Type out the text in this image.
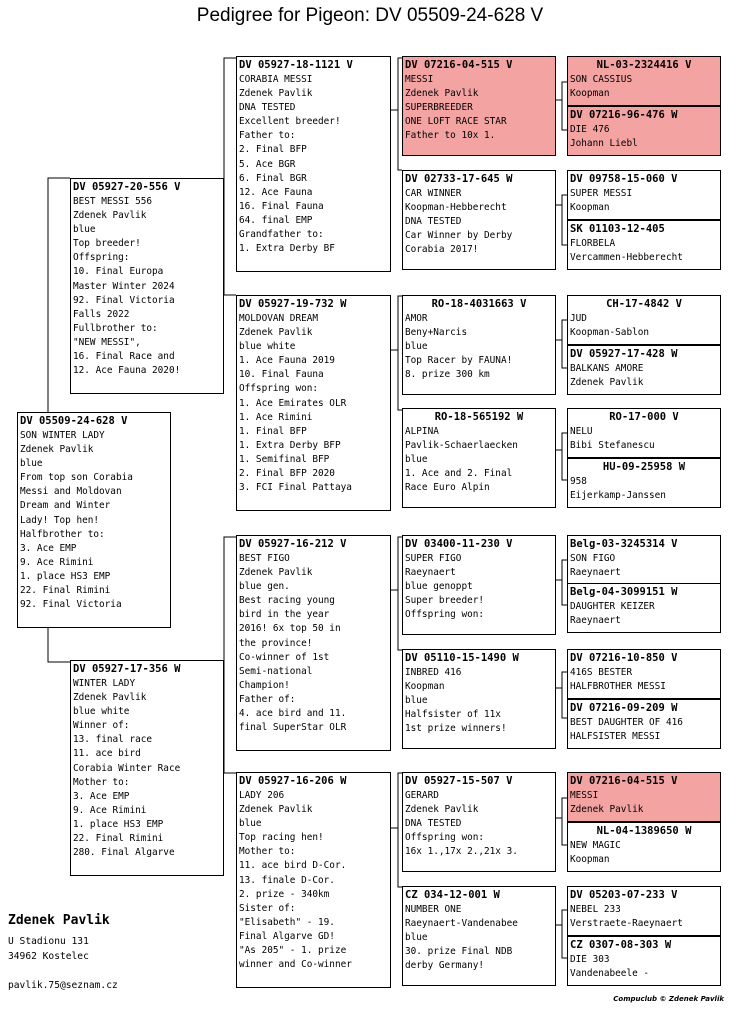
Pedigree for Pigeon: DV 05509-24-628 V
DV 05509-24-628 V
SON WINTER LADY
Zdenek Pavlik
blue
From top son Corabia
Messi and Moldovan
Dream and Winter
Lady! Top hen!
Halfbrother to:
3. Ace EMP
9. Ace Rimini
1. place HS3 EMP
22. Final Rimini
92. Final Victoria
DV 05927-20-556 V
BEST MESSI 556
Zdenek Pavlik
blue
Top breeder!
Offspring:
10. Final Europa
Master Winter 2024
92. Final Victoria
Falls 2022
Fullbrother to:
"NEW MESSI",
16. Final Race and
12. Ace Fauna 2020!
DV 05927-17-356 W
WINTER LADY
Zdenek Pavlik
blue white
Winner of:
13. final race
11. ace bird
Corabia Winter Race
Mother to:
3. Ace EMP
9. Ace Rimini
1. place HS3 EMP
22. Final Rimini
280. Final Algarve
DV 05927-18-1121 V
CORABIA MESSI
Zdenek Pavlik
DNA TESTED
Excellent breeder!
Father to:
2. Final BFP
5. Ace BGR
6. Final BGR
12. Ace Fauna
16. Final Fauna
64. final EMP
Grandfather to:
1. Extra Derby BF
DV 05927-19-732 W
MOLDOVAN DREAM
Zdenek Pavlik
blue white
1. Ace Fauna 2019
10. Final Fauna
Offspring won:
1. Ace Emirates OLR
1. Ace Rimini
1. Final BFP
1. Extra Derby BFP
1. Semifinal BFP
2. Final BFP 2020
3. FCI Final Pattaya
DV 05927-16-212 V
BEST FIGO
Zdenek Pavlik
blue gen.
Best racing young
bird in the year
2016! 6x top 50 in
the province!
Co-winner of 1st
Semi-national
Champion!
Father of:
4. ace bird and 11.
final SuperStar OLR
DV 05927-16-206 W
LADY 206
Zdenek Pavlik
blue
Top racing hen!
Mother to:
11. ace bird D-Cor.
13. finale D-Cor.
2. prize - 340km
Sister of:
"Elisabeth" - 19.
Final Algarve GD!
"As 205" - 1. prize
winner and Co-winner
DV 07216-04-515 V
MESSI
Zdenek Pavlik
SUPERBREEDER
ONE LOFT RACE STAR
Father to 10x 1.
DV 02733-17-645 W
CAR WINNER
Koopman-Hebberecht
DNA TESTED
Car Winner by Derby
Corabia 2017!
RO-18-4031663 V
AMOR
Beny+Narcis
blue
Top Racer by FAUNA!
8. prize 300 km
RO-18-565192 W
ALPINA
Pavlik-Schaerlaecken
blue
1. Ace and 2. Final
Race Euro Alpin
DV 03400-11-230 V
SUPER FIGO
Raeynaert
blue genoppt
Super breeder!
Offspring won:
DV 05110-15-1490 W
INBRED 416
Koopman
blue
Halfsister of 11x
1st prize winners!
DV 05927-15-507 V
GERARD
Zdenek Pavlik
DNA TESTED
Offspring won:
16x 1.,17x 2.,21x 3.
CZ 034-12-001 W
NUMBER ONE
Raeynaert-Vandenabee
blue
30. prize Final NDB
derby Germany!
NL-03-2324416 V
SON CASSIUS
Koopman
DV 07216-96-476 W
DIE 476
Johann Liebl
DV 09758-15-060 V
SUPER MESSI
Koopman
SK 01103-12-405
FLORBELA
Vercammen-Hebberecht
CH-17-4842 V
JUD
Koopman-Sablon
DV 05927-17-428 W
BALKANS AMORE
Zdenek Pavlik
RO-17-000 V
NELU
Bibi Stefanescu
HU-09-25958 W
958
Eijerkamp-Janssen
Belg-03-3245314 V
SON FIGO
Raeynaert
Belg-04-3099151 W
DAUGHTER KEIZER
Raeynaert
DV 07216-10-850 V
416S BESTER
HALFBROTHER MESSI
DV 07216-09-209 W
BEST DAUGHTER OF 416
HALFSISTER MESSI
DV 07216-04-515 V
MESSI
Zdenek Pavlik
NL-04-1389650 W
NEW MAGIC
Koopman
DV 05203-07-233 V
NEBEL 233
Verstraete-Raeynaert
CZ 0307-08-303 W
DIE 303
Vandenabeele -
Zdenek Pavlik
U Stadionu 131
34962 Kostelec
pavlik.75@seznam.cz
Compuclub © Zdenek Pavlik
